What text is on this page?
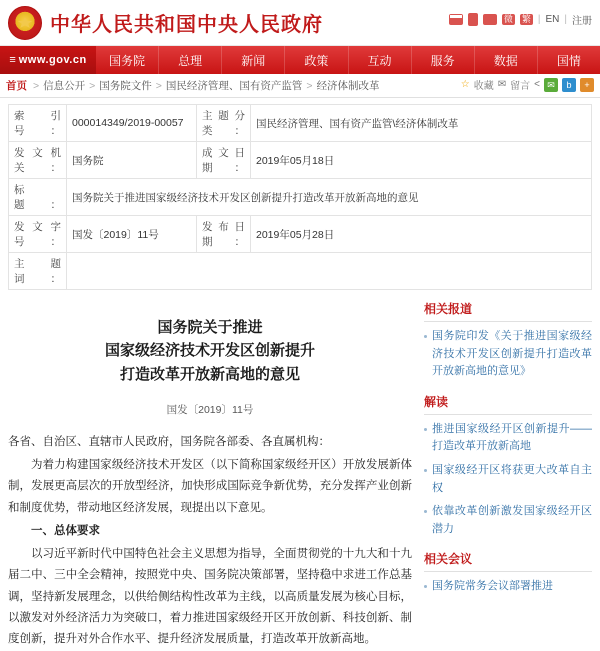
中华人民共和国中央人民政府	微 繁 | EN | 注册
≡ www.gov.cn	国务院	总理	新闻	政策	互动	服务	数据	国情
首页 > 信息公开 > 国务院文件 > 国民经济管理、国有资产监管 > 经济体制改革	☆ 收藏 ✉ 留言 < ✉	b	+
索 引 号：	000014349/2019-00057	主题分类：	国民经济管理、国有资产监管\经济体制改革
发文机关：	国务院	成文日期：	2019年05月18日
标　　题：	国务院关于推进国家级经济技术开发区创新提升打造改革开放新高地的意见		
发文字号：	国发〔2019〕11号	发布日期：	2019年05月28日
主 题 词：			
国务院关于推进
国家级经济技术开发区创新提升
打造改革开放新高地的意见
国发〔2019〕11号

各省、自治区、直辖市人民政府，国务院各部委、各直属机构：

为着力构建国家级经济技术开发区（以下简称国家级经开区）开放发展新体制，发展更高层次的开放型经济，加快形成国际竞争新优势，充分发挥产业创新和制度优势，带动地区经济发展，现提出以下意见。

一、总体要求

以习近平新时代中国特色社会主义思想为指导，全面贯彻党的十九大和十九届二中、三中全会精神，按照党中央、国务院决策部署，坚持稳中求进工作总基调，坚持新发展理念，以供给侧结构性改革为主线，以高质量发展为核心目标，以激发对外经济活力为突破口，着力推进国家级经开区开放创新、科技创新、制度创新，提升对外合作水平、提升经济发展质量，打造改革开放新高地。

相关报道
国务院印发《关于推进国家级经济技术开发区创新提升打造改革开放新高地的意见》
解读
推进国家级经开区创新提升——打造改革开放新高地
国家级经开区将获更大改革自主权
依靠改革创新激发国家级经开区潜力
相关会议
国务院常务会议部署推进
